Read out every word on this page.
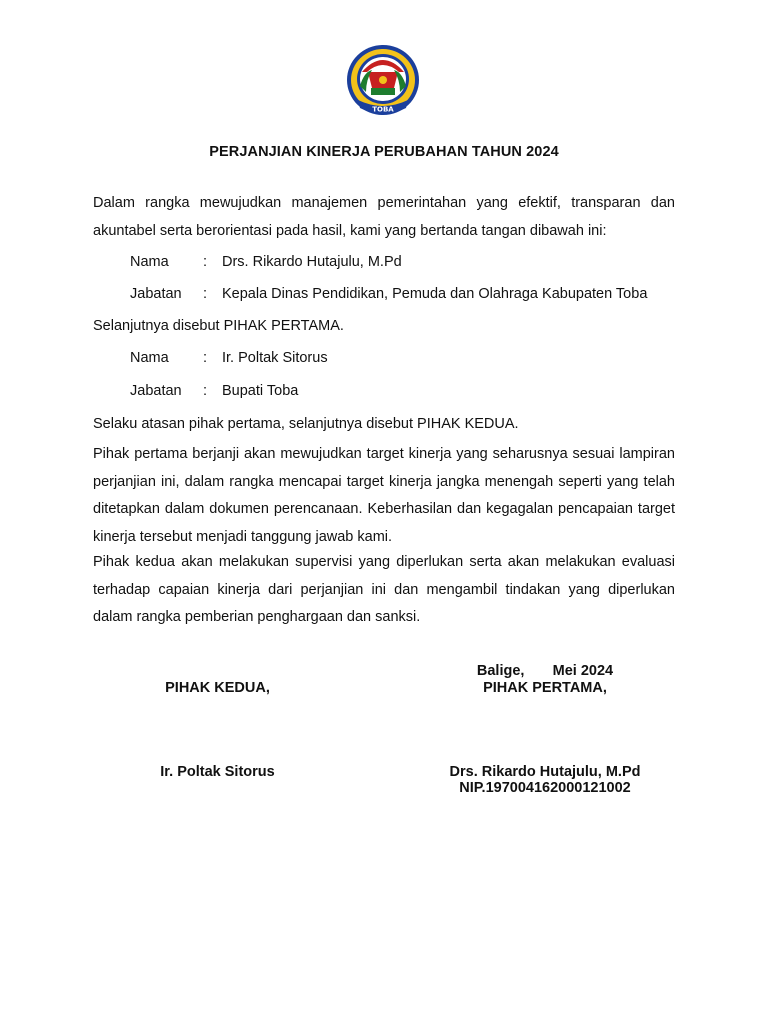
TOBA
PERJANJIAN KINERJA PERUBAHAN TAHUN 2024

Dalam rangka mewujudkan manajemen pemerintahan yang efektif, transparan dan akuntabel serta berorientasi pada hasil, kami yang bertanda tangan dibawah ini:

Nama : Drs. Rikardo Hutajulu, M.Pd
Jabatan : Kepala Dinas Pendidikan, Pemuda dan Olahraga Kabupaten Toba
Selanjutnya disebut PIHAK PERTAMA.
Nama : Ir. Poltak Sitorus
Jabatan : Bupati Toba
Selaku atasan pihak pertama, selanjutnya disebut PIHAK KEDUA.

Pihak pertama berjanji akan mewujudkan target kinerja yang seharusnya sesuai lampiran perjanjian ini, dalam rangka mencapai target kinerja jangka menengah seperti yang telah ditetapkan dalam dokumen perencanaan. Keberhasilan dan kegagalan pencapaian target kinerja tersebut menjadi tanggung jawab kami.

Pihak kedua akan melakukan supervisi yang diperlukan serta akan melakukan evaluasi terhadap capaian kinerja dari perjanjian ini dan mengambil tindakan yang diperlukan dalam rangka pemberian penghargaan dan sanksi.

Balige,       Mei 2024
PIHAK KEDUA,	PIHAK PERTAMA,
Ir. Poltak Sitorus	Drs. Rikardo Hutajulu, M.Pd
NIP.197004162000121002
